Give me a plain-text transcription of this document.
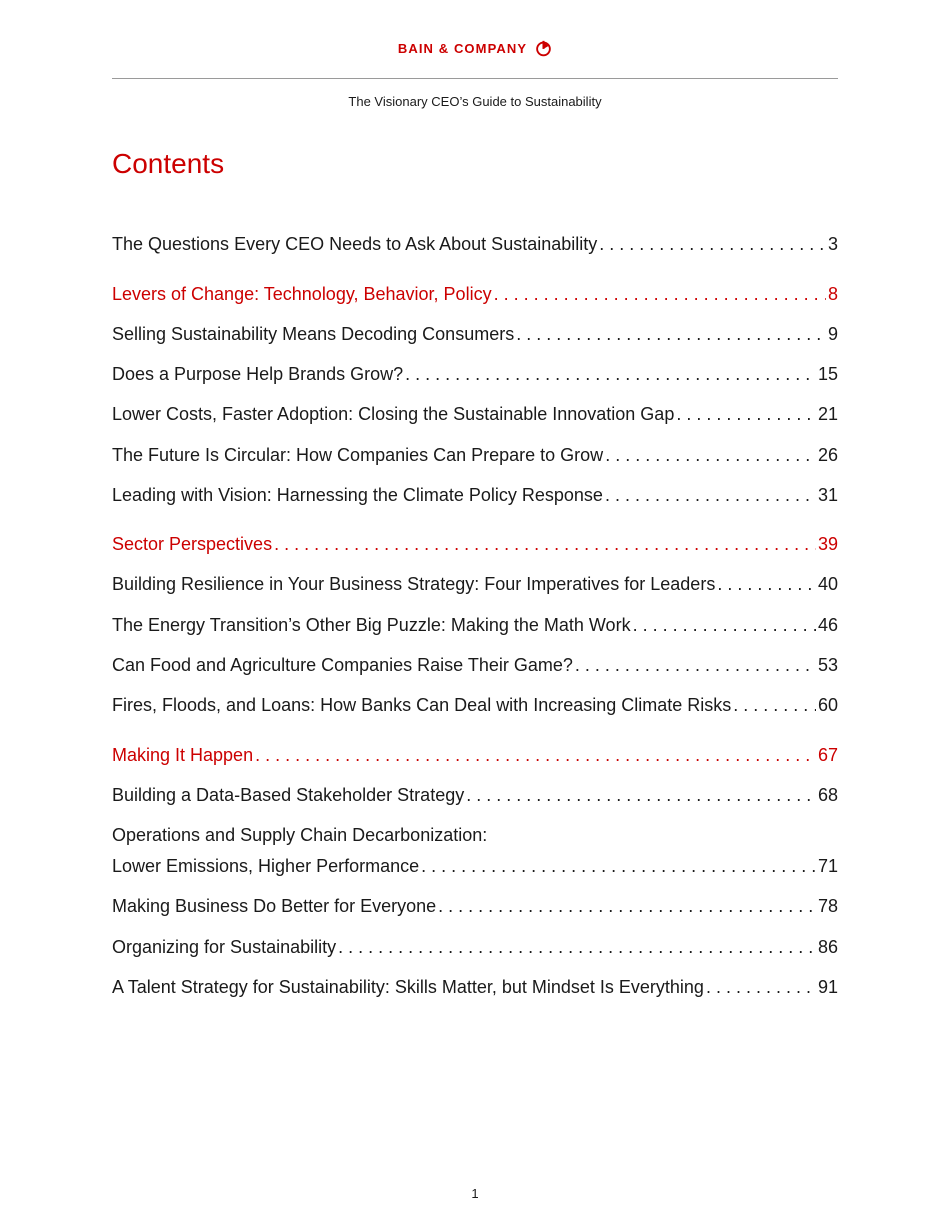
BAIN & COMPANY
The Visionary CEO’s Guide to Sustainability
Contents
The Questions Every CEO Needs to Ask About Sustainability . . .	3
Levers of Change: Technology, Behavior, Policy . . .	8
Selling Sustainability Means Decoding Consumers . . .	9
Does a Purpose Help Brands Grow? . . .	15
Lower Costs, Faster Adoption: Closing the Sustainable Innovation Gap . . .	21
The Future Is Circular: How Companies Can Prepare to Grow . . .	26
Leading with Vision: Harnessing the Climate Policy Response . . .	31
Sector Perspectives . . .	39
Building Resilience in Your Business Strategy: Four Imperatives for Leaders . . .	40
The Energy Transition’s Other Big Puzzle: Making the Math Work . . .	46
Can Food and Agriculture Companies Raise Their Game? . . .	53
Fires, Floods, and Loans: How Banks Can Deal with Increasing Climate Risks . . .	60
Making It Happen . . .	67
Building a Data-Based Stakeholder Strategy . . .	68
Operations and Supply Chain Decarbonization:
Lower Emissions, Higher Performance . . .	71
Making Business Do Better for Everyone . . .	78
Organizing for Sustainability . . .	86
A Talent Strategy for Sustainability: Skills Matter, but Mindset Is Everything . . .	91
1
